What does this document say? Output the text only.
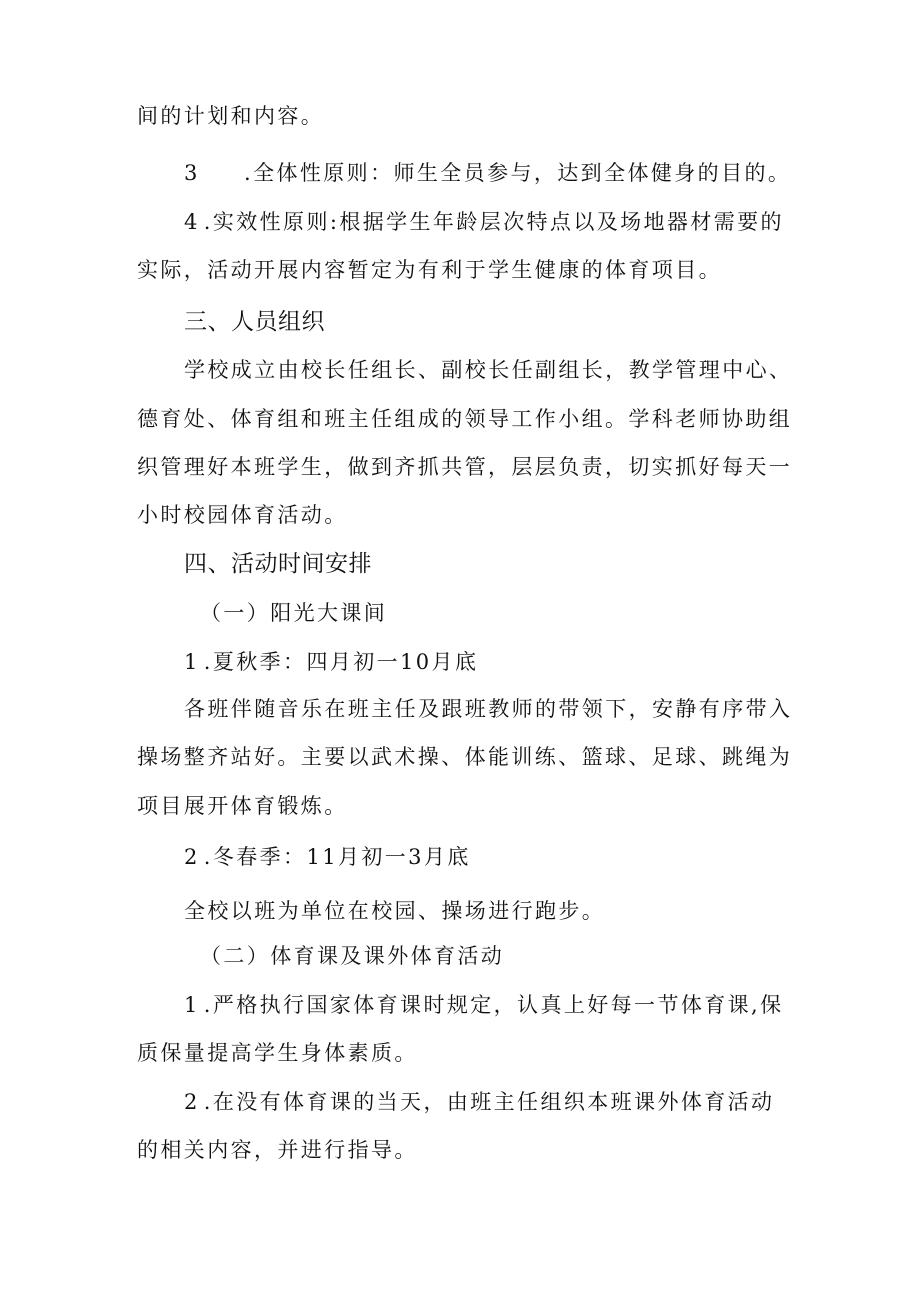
间的计划和内容。
3 .全体性原则：师生全员参与，达到全体健身的目的。
4 .实效性原则:根据学生年龄层次特点以及场地器材需要的
实际，活动开展内容暂定为有利于学生健康的体育项目。
三、人员组织
学校成立由校长任组长、副校长任副组长，教学管理中心、
德育处、体育组和班主任组成的领导工作小组。学科老师协助组
织管理好本班学生，做到齐抓共管，层层负责，切实抓好每天一
小时校园体育活动。
四、活动时间安排
（一）阳光大课间
1 .夏秋季：四月初一10月底
各班伴随音乐在班主任及跟班教师的带领下，安静有序带入
操场整齐站好。主要以武术操、体能训练、篮球、足球、跳绳为
项目展开体育锻炼。
2 .冬春季：11月初一3月底
全校以班为单位在校园、操场进行跑步。
（二）体育课及课外体育活动
1 .严格执行国家体育课时规定，认真上好每一节体育课,保
质保量提高学生身体素质。
2 .在没有体育课的当天，由班主任组织本班课外体育活动
的相关内容，并进行指导。
